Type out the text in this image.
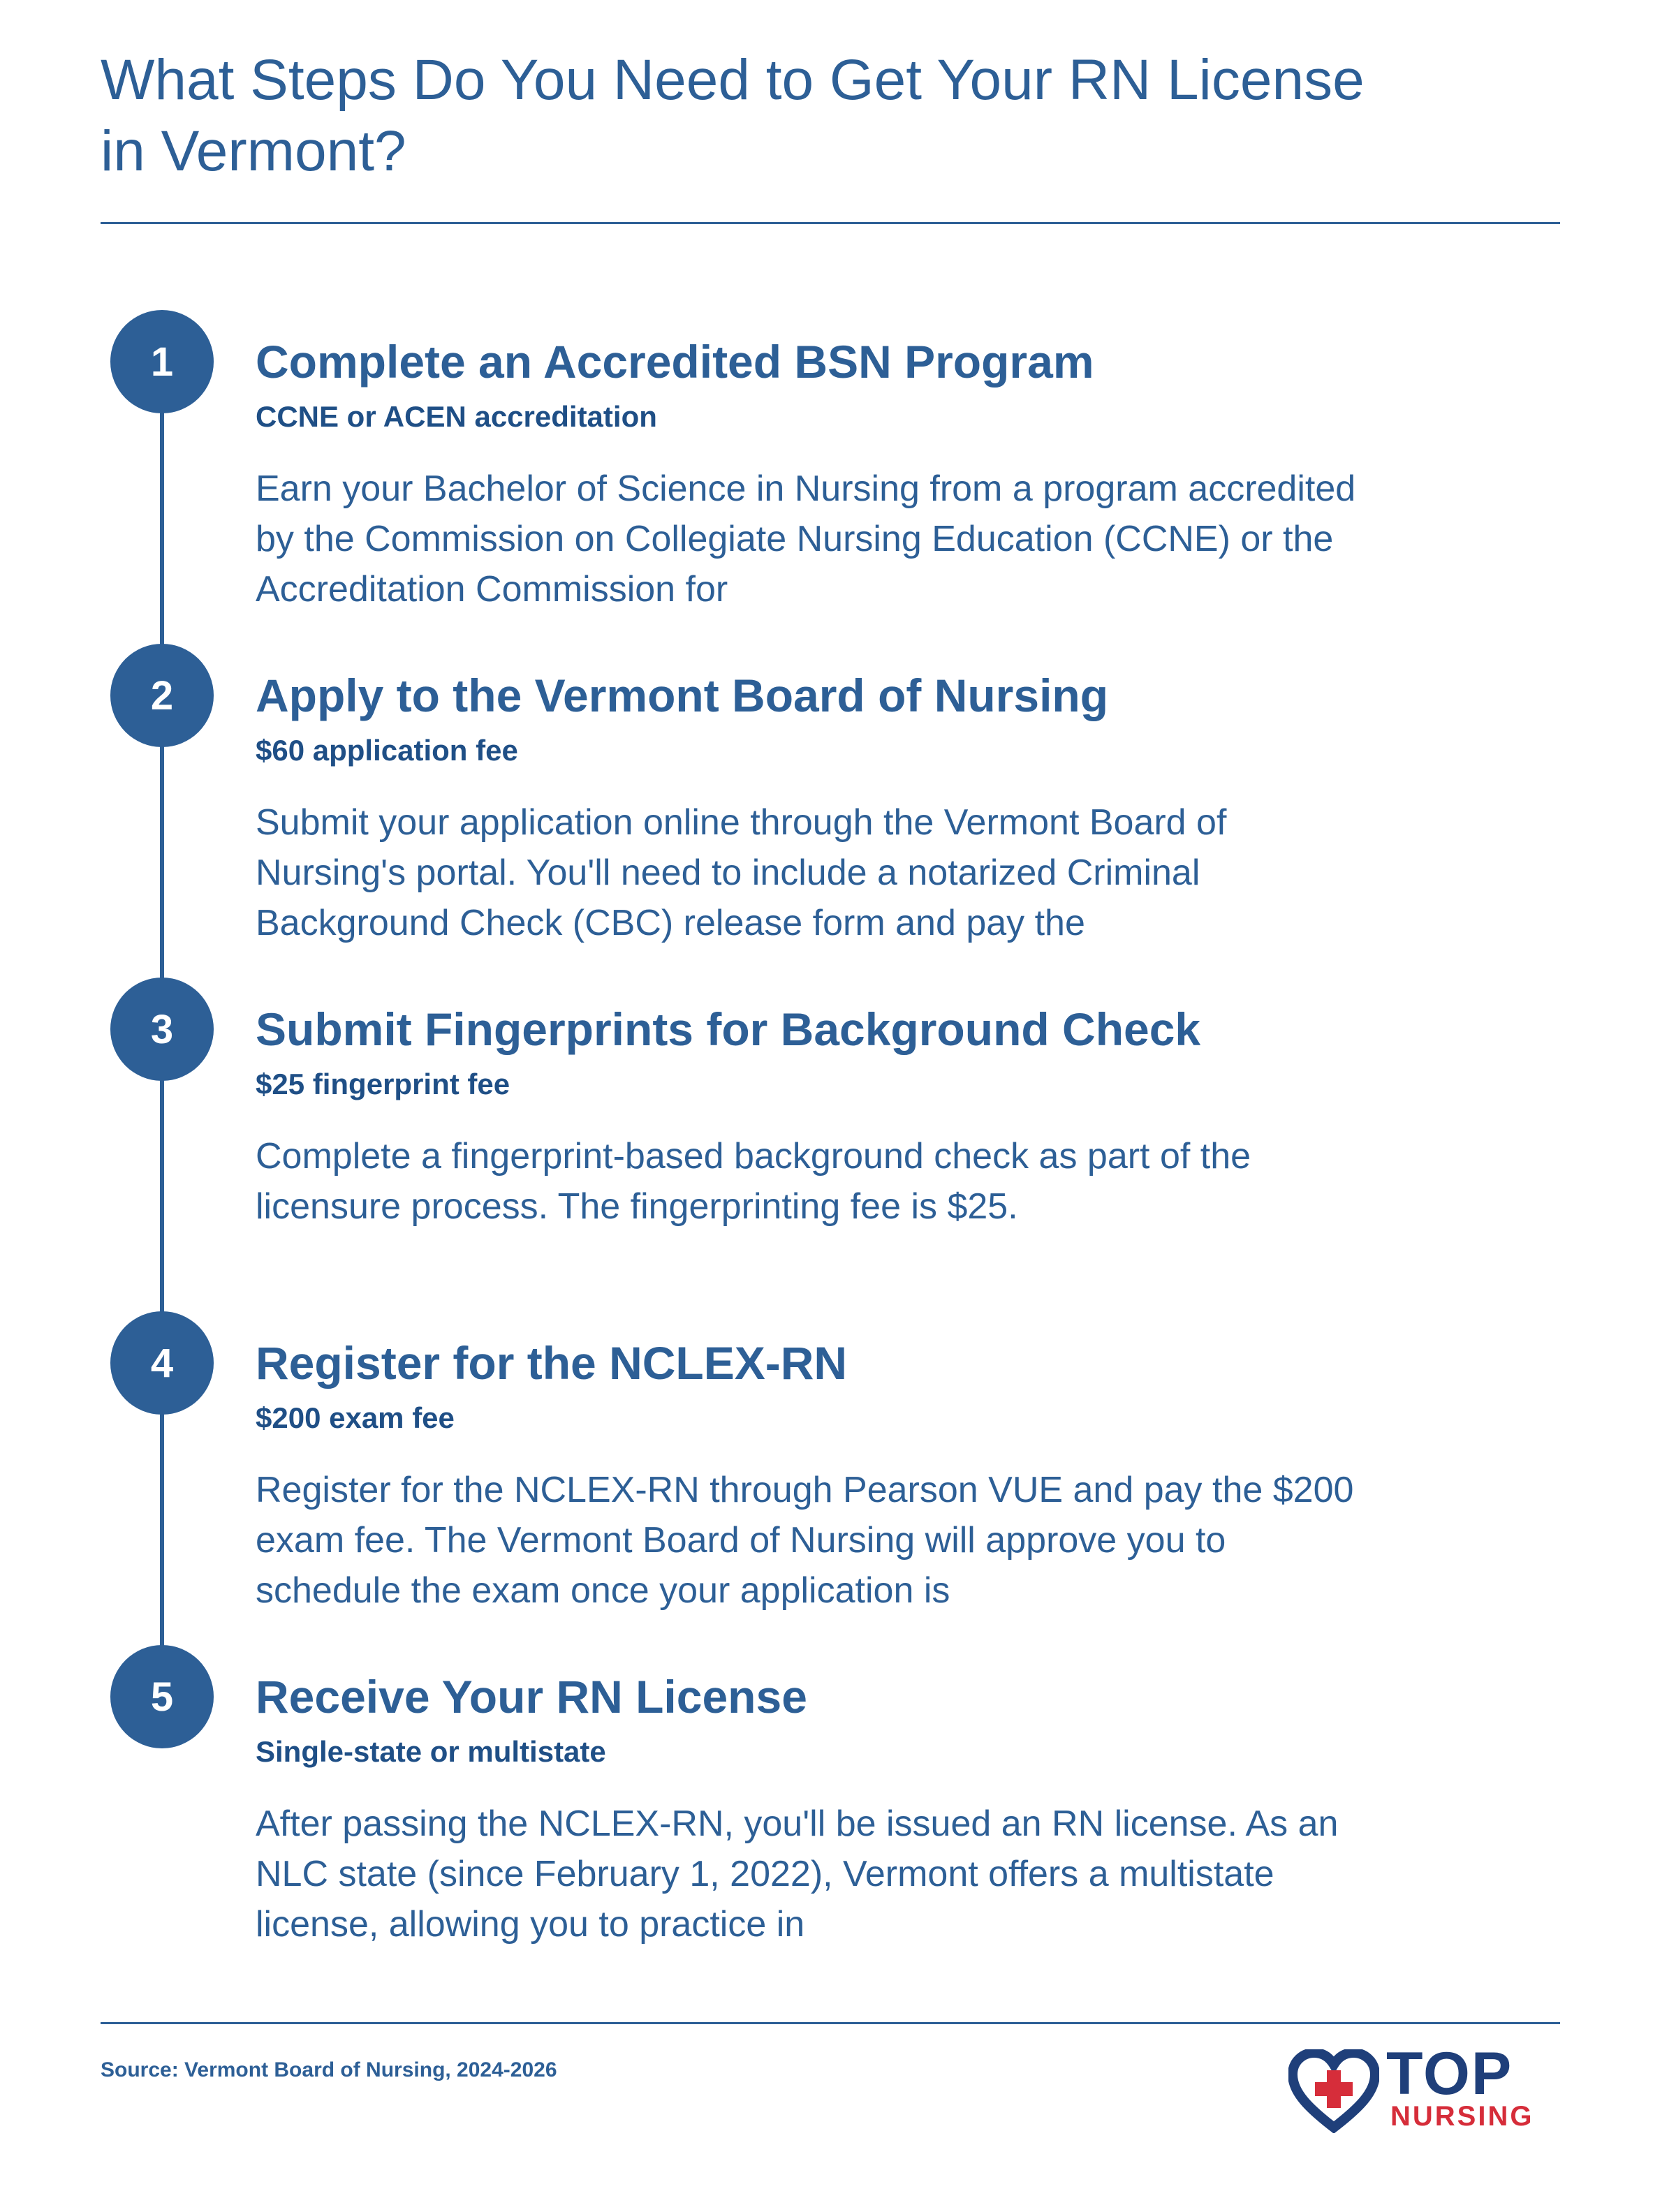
What Steps Do You Need to Get Your RN License
in Vermont?
1	Complete an Accredited BSN Program
CCNE or ACEN accreditation
Earn your Bachelor of Science in Nursing from a program accredited by the Commission on Collegiate Nursing Education (CCNE) or the Accreditation Commission for
2	Apply to the Vermont Board of Nursing
$60 application fee
Submit your application online through the Vermont Board of Nursing's portal. You'll need to include a notarized Criminal Background Check (CBC) release form and pay the
3	Submit Fingerprints for Background Check
$25 fingerprint fee
Complete a fingerprint-based background check as part of the licensure process. The fingerprinting fee is $25.
4	Register for the NCLEX-RN
$200 exam fee
Register for the NCLEX-RN through Pearson VUE and pay the $200 exam fee. The Vermont Board of Nursing will approve you to schedule the exam once your application is
5	Receive Your RN License
Single-state or multistate
After passing the NCLEX-RN, you'll be issued an RN license. As an NLC state (since February 1, 2022), Vermont offers a multistate license, allowing you to practice in
Source: Vermont Board of Nursing, 2024-2026	TOP
NURSING
